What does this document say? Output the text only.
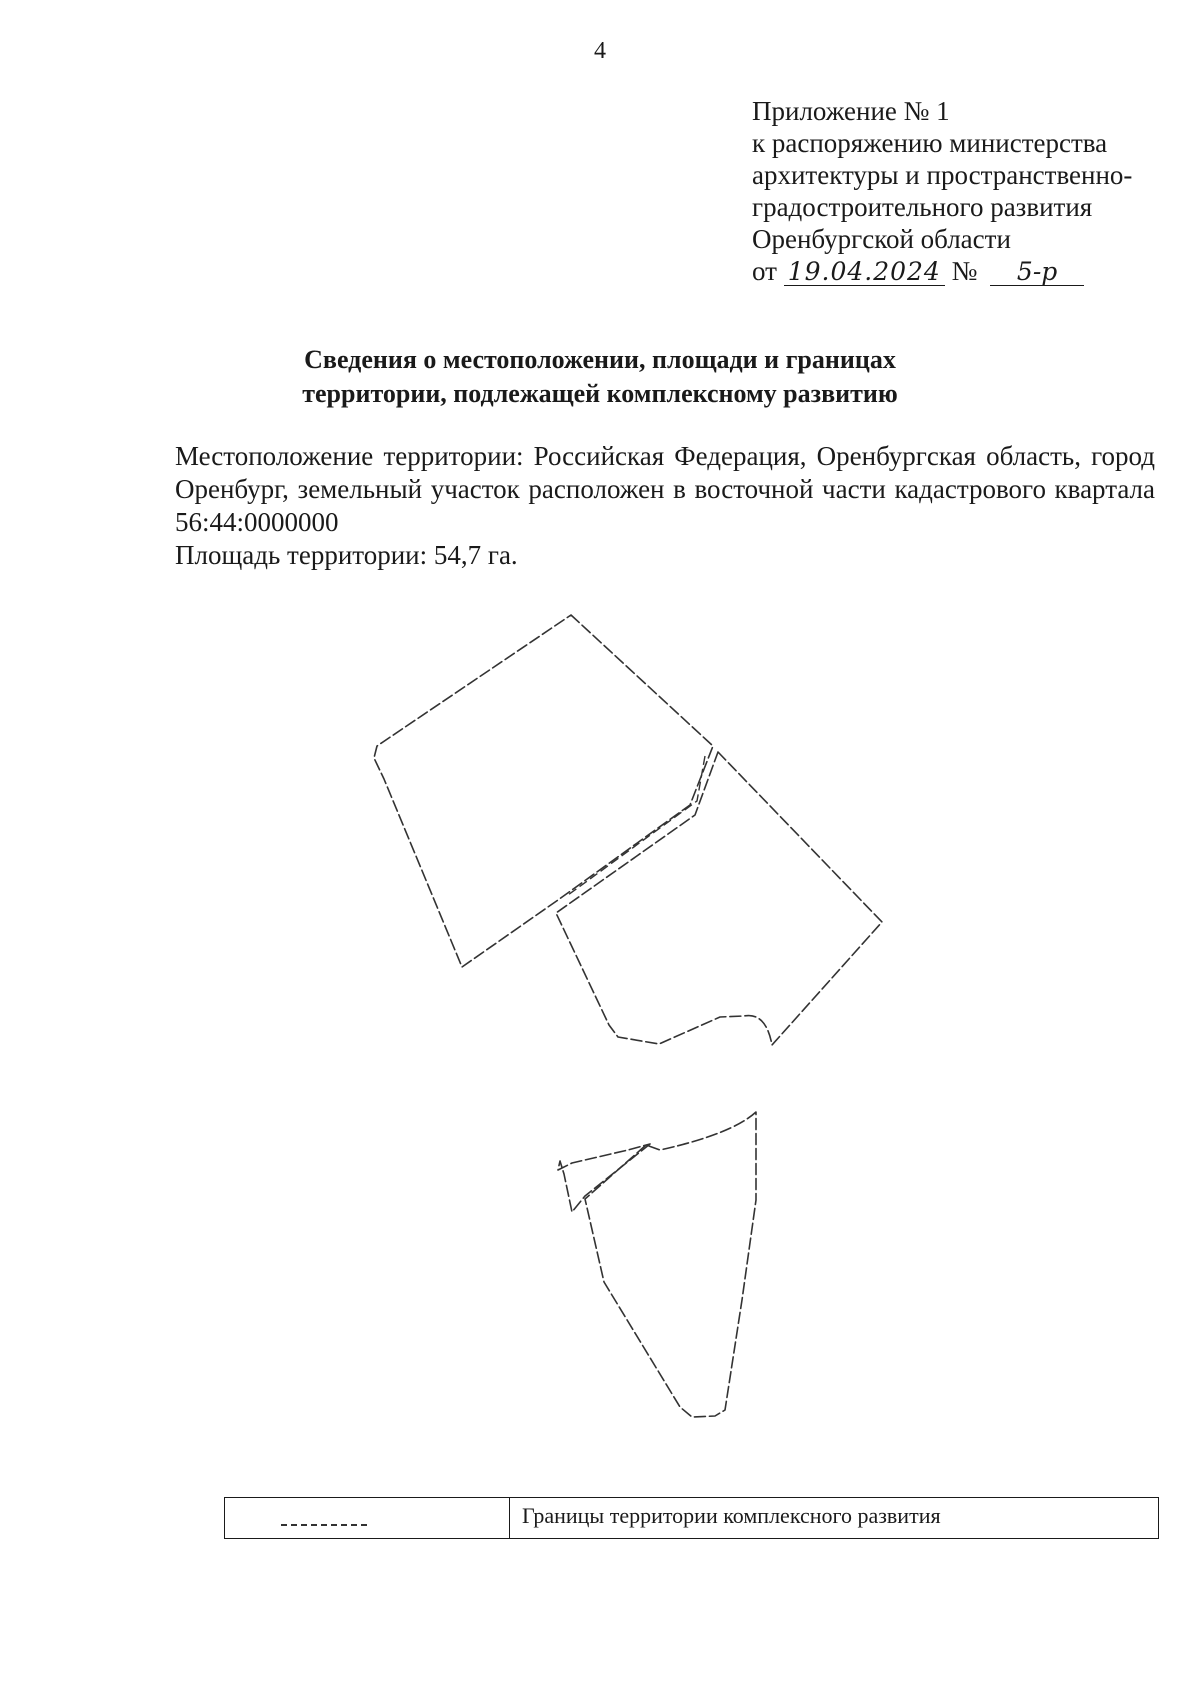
4
Приложение № 1
к распоряжению министерства
архитектуры и пространственно-
градостроительного развития
Оренбургской области
от 19.04.2024 № 5-р
Сведения о местоположении, площади и границах
территории, подлежащей комплексному развитию

Местоположение территории: Российская Федерация, Оренбургская область, город Оренбург, земельный участок расположен в восточной части кадастрового квартала 56:44:0000000

Площадь территории: 54,7 га.

Границы территории комплексного развития
